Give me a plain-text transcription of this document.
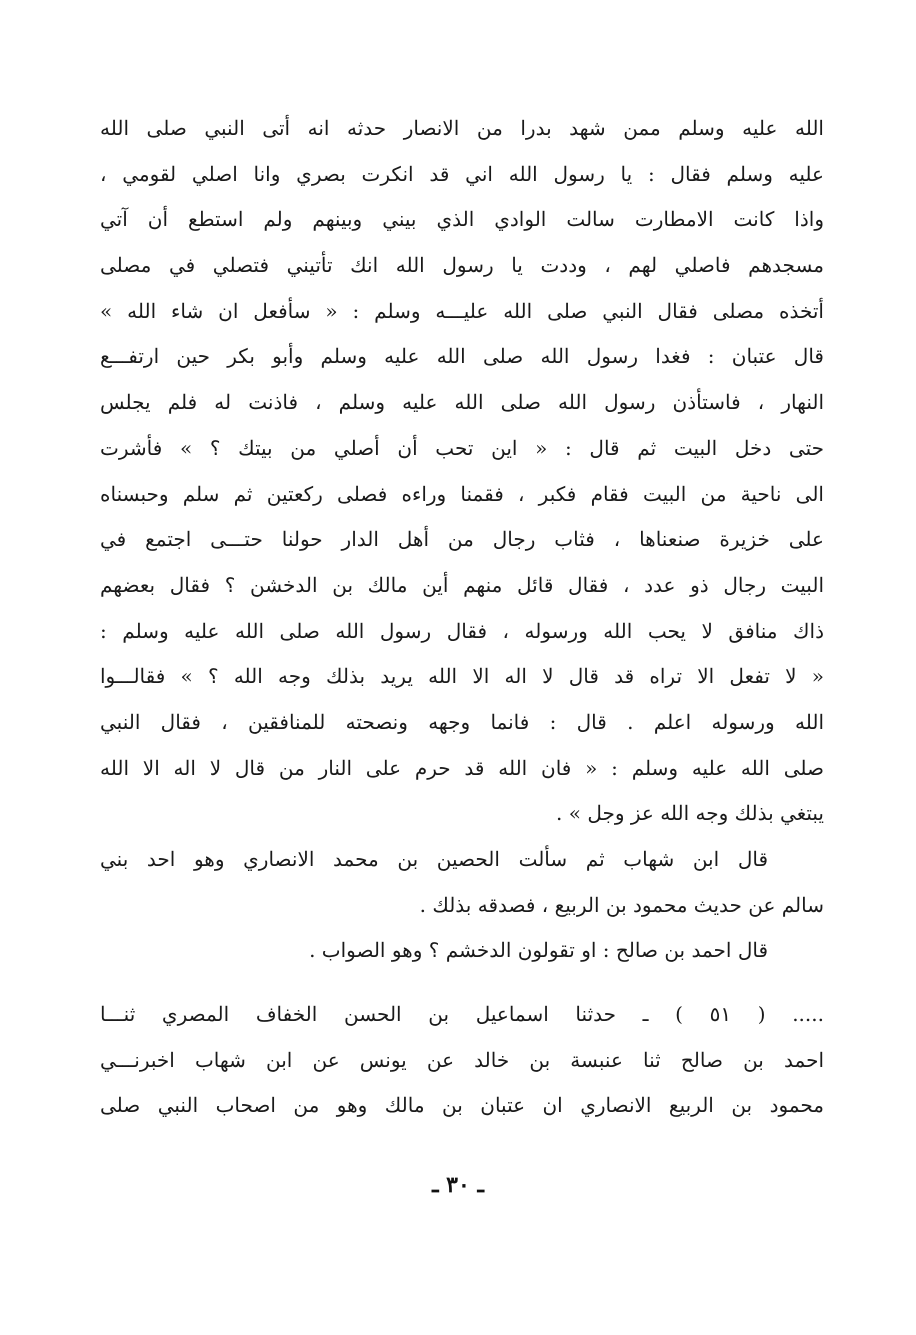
الله عليه وسلم ممن شهد بدرا من الانصار حدثه انه أتى النبي صلى الله
عليه وسلم فقال : يا رسول الله اني قد انكرت بصري وانا اصلي لقومي ،
واذا كانت الامطارت سالت الوادي الذي بيني وبينهم ولم استطع أن آتي
مسجدهم فاصلي لهم ، وددت يا رسول الله انك تأتيني فتصلي في مصلى
أتخذه مصلى فقال النبي صلى الله عليـــه وسلم : « سأفعل ان شاء الله »
قال عتبان : فغدا رسول الله صلى الله عليه وسلم وأبو بكر حين ارتفـــع
النهار ، فاستأذن رسول الله صلى الله عليه وسلم ، فاذنت له فلم يجلس
حتى دخل البيت ثم قال : « اين تحب أن أصلي من بيتك ؟ » فأشرت
الى ناحية من البيت فقام فكبر ، فقمنا وراءه فصلى ركعتين ثم سلم وحبسناه
على خزيرة صنعناها ، فثاب رجال من أهل الدار حولنا حتـــى اجتمع في
البيت رجال ذو عدد ، فقال قائل منهم أين مالك بن الدخشن ؟ فقال بعضهم
ذاك منافق لا يحب الله ورسوله ، فقال رسول الله صلى الله عليه وسلم :
« لا تفعل الا تراه قد قال لا اله الا الله يريد بذلك وجه الله ؟ » فقالـــوا
الله ورسوله اعلم . قال : فانما وجهه ونصحته للمنافقين ، فقال النبي
صلى الله عليه وسلم : « فان الله قد حرم على النار من قال لا اله الا الله
يبتغي بذلك وجه الله عز وجل » .
قال ابن شهاب ثم سألت الحصين بن محمد الانصاري وهو احد بني
سالم عن حديث محمود بن الربيع ، فصدقه بذلك .
قال احمد بن صالح : او تقولون الدخشم ؟ وهو الصواب .
..... ( ٥١ ) ـ حدثنا اسماعيل بن الحسن الخفاف المصري ثنـــا
احمد بن صالح ثنا عنبسة بن خالد عن يونس عن ابن شهاب اخبرنـــي
محمود بن الربيع الانصاري ان عتبان بن مالك وهو من اصحاب النبي صلى
ـ ٣٠ ـ
